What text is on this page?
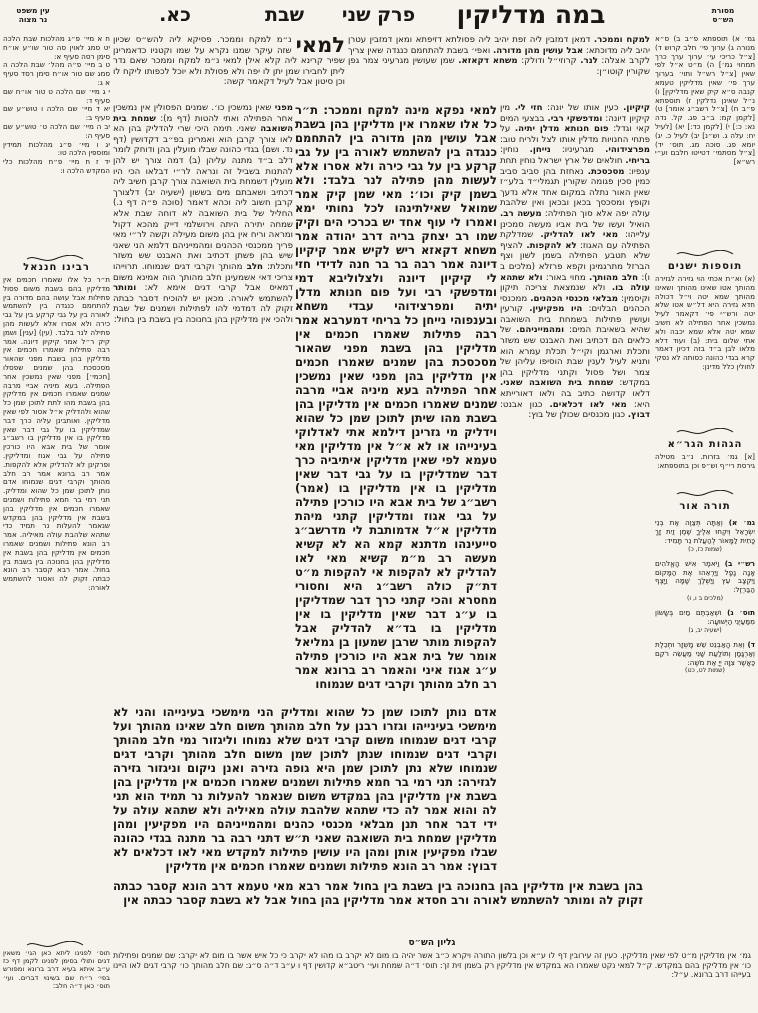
מסורת
הש״ס
במה מדליקין
פרק שני
שבת
כא.
עין משפט
נר מצוה
למקח וממכר. דמאן דמזבין ליה זפת יהיב ליה פסולתא דזיפתא ומאן דמזבין עטרן יהיב ליה מדוכתא: אבל עושין מהן מדורה. ואפי׳ בשבת להתחמם כנגדה שאין צריך לקרב אצלה: לנר. קרוזי״ל ודולק: משחא דקאזא. שמן שעושין מגרעיני צמר גפן שקורין קוטו״ן:
למאי
נ״מ למקח וממכר. פסיקא ליה להש״ס שכיון שזה עיקר שמנו נקרא על שמו וקטניו כדאמרינן שפיר קרינא ליה קלא אילן למאי נ״מ למקח וממכר שאם נדר ליתן לחבירו שמן יתן לו יפה ולא פסולת ולא יוכל לכפותו ליקח לו וכן סיטון אבל לעיל דקאמר קשה:
ח א מיי׳ פ״ג מהלכות שבת הלכה יט סמג לאוין סה טור שו״ע או״ח סימן רסה סעיף א:
ט ב מיי׳ פ״ה מהל׳ שבת הלכה ה סמג שם טור או״ח סימן רסד סעיף א ג:
י ג מיי׳ שם הלכה ט טור או״ח שם סעיף ד:
יא ד מיי׳ שם הלכה ו טוש״ע שם סעיף ב:
יב ה מיי׳ שם הלכה ט׳ טוש״ע שם סעיף ה:
יג ו מיי׳ פ״ג מהלכות תמידין ומוספין הלכה טו:
יד ז ח מיי׳ פ״ח מהלכות כלי המקדש הלכה ו:
רבינו חננאל
ת״ר כל אלו שאמרו חכמים אין מדליקין בהם בשבת משום פסול פתילות אבל עושה בהם מדורה בין להתחמם כנגדה בין להשתמש לאורה בין על גבי קרקע בין על גבי כירה ולא אסרו אלא לעשות מהן פתילה לנר בלבד. (עין) [ענין] ושמן קיק ר״ל אמר קיקיון דיונה. אמר רבה פתילות שאמרו חכמים אין מדליקין בהן בשבת מפני שהאור מסכסכת בהן שמנים שפסלו [חכמי׳] מפני שאין נמשכין אחר הפתילה. בעא מיניה אביי מרבה שמנים שאמרו חכמים אין מדליקין בהן בשבת מהו לתת לתוכן שמן כל שהוא ולהדליק א״ל אסור לפי שאין מדליקין. ואותבינן עליה כרך דבר שמדליקין בו על גבי דבר שאין מדליקין בו אין מדליקין בו רשב״ג אומר של בית אבא היו כורכין פתילה על גבי אגוז ומדליקין. ופרקינן לא להדליק אלא להקפות. אמר רב ברונא אמר רב חלב מהותך וקרבי דגים שנמוחו אדם נותן לתוכן שמן כל שהוא ומדליק. תני רמי בר חמא פתילות ושמנים שאמרו חכמים אין מדליקין בהן בשבת אין מדליקין בהן במקדש שנאמר להעלות נר תמיד כדי שתהא שלהבת עולה מאיליה. אמר רב הונא פתילות ושמנים שאמרו חכמים אין מדליקין בהן בשבת אין מדליקין בהן בחנוכה בין בשבת בין בחול. אמר רבא קסבר רב הונא כבתה זקוק לה ואסור להשתמש לאורה:
מפני שאין נמשכין כו׳. שמנים הפסולין אין נמשכין אחר הפתילה ואתי להטות (דף מ): שמחת בית השואבה שאני. תימה היכי שרי להדליק בהן הא לאו צורך קרבן הוא ואמרינן בפ״ב דקדושין (דף נד. ושם) בגדי כהונה שבלו מועלין בהן ודוחק לומר דלב ב״ד מתנה עליהן (ב) דמה צורך יש להן להתנות בשביל זה ונראה לר״י דבלאו הכי היו מועלין דשמחת בית השואבה צורך קרבן חשיב ליה דכתיב ושאבתם מים בששון (ישעיה יב) דלצורך קרבן חשוב ליה וכהא דאמר (סוכה פ״ה דף נ.) החליל של בית השואבה לא דוחה שבת אלא שמחה יתירה היתה וירושלמי דייק מהכא דקול ומראה וריח אין בהן משום מעילה וקשה לר״י מאי פריך ממכנסי הכהנים ומהמייניהם דלמא הני שאני שיש בהן פשתן דכתיב ואת האבנט שש משזר ותכלת: חלב מהותך וקרבי דגים שנמוחו. תרוייהו צריכי דאי אשמעינן חלב מהותך הוה אמינא משום דמאיס אבל קרבי דגים אימא לא: ומותר להשתמש לאורה. מכאן יש להוכיח דסבר כבתה זקוק לה דמדמי להו לפתילות ושמנים של שבת ולהכי אין מדליקין בהן בחנוכה בין בשבת בין בחול:
למאי נפקא מינה למקח וממכר: ת״ר כל אלו שאמרו אין מדליקין בהן בשבת אבל עושין מהן מדורה בין להתחמם כנגדה בין להשתמש לאורה בין על גבי קרקע בין על גבי כירה ולא אסרו אלא לעשות מהן פתילה לנר בלבד: ולא בשמן קיק וכו׳: מאי שמן קיק אמר שמואל שאילתינהו לכל נחותי ימא ואמרו לי עוף אחד יש בכרכי הים וקיק שמו רב יצחק בריה דרב יהודה אמר משחא דקאזא ריש לקיש אמר קיקיון דיונה אמר רבה בר בר חנה לדידי חזי לי קיקיון דיונה ולצלוליבא דמי ומדפשקי רבי ועל פום חנותא מדלן יתיה ומפרצידוהי עבדי משחא ובענפוהי נייחן כל בריחי דמערבא אמר רבה פתילות שאמרו חכמים אין מדליקין בהן בשבת מפני שהאור מסכסכת בהן שמנים שאמרו חכמים אין מדליקין בהן מפני שאין נמשכין אחר הפתילה בעא מיניה אביי מרבה שמנים שאמרו חכמים אין מדליקין בהן בשבת מהו שיתן לתוכן שמן כל שהוא וידליק מי גזרינן דילמא אתי לאדלוקי בעינייהו או לא א״ל אין מדליקין מאי טעמא לפי שאין מדליקין איתיביה כרך דבר שמדליקין בו על גבי דבר שאין מדליקין בו אין מדליקין בו (אמר) רשב״ג של בית אבא היו כורכין פתילה על גבי אגוז ומדליקין קתני מיהת מדליקין א״ל אדמותבת לי מדרשב״ג סייעינהו מדתנא קמא הא לא קשיא מעשה רב מ״מ קשיא מאי לאו להדליק לא להקפות אי להקפות מ״ט דת״ק כולה רשב״ג היא וחסורי מחסרא והכי קתני כרך דבר שמדליקין בו ע״ג דבר שאין מדליקין בו אין מדליקין בו בד״א להדליק אבל להקפות מותר שרבן שמעון בן גמליאל אומר של בית אבא היו כורכין פתילה ע״ג אגוז איני והאמר רב ברונא אמר רב חלב מהותך וקרבי דגים שנמוחו
אדם נותן לתוכו שמן כל שהוא ומדליק הני מימשכי בעינייהו והני לא מימשכי בעינייהו וגזרו רבנן על חלב מהותך משום חלב שאינו מהותך ועל קרבי דגים שנמוחו משום קרבי דגים שלא נמוחו וליגזור נמי חלב מהותך וקרבי דגים שנמוחו שנתן לתוכן שמן משום חלב מהותך וקרבי דגים שנמוחו שלא נתן לתוכן שמן היא גופה גזירה ואנן ניקום וניגזור גזירה לגזירה: תני רמי בר חמא פתילות ושמנים שאמרו חכמים אין מדליקין בהן בשבת אין מדליקין בהן במקדש משום שנאמר להעלות נר תמיד הוא תני לה והוא אמר לה כדי שתהא שלהבת עולה מאיליה ולא שתהא עולה על ידי דבר אחר תנן מבלאי מכנסי כהנים ומהמייניהם היו מפקיעין ומהן מדליקין שמחת בית השואבה שאני ת״ש דתני רבה בר מתנה בגדי כהונה שבלו מפקיעין אותן ומהן היו עושין פתילות למקדש מאי לאו דכלאים לא דבוץ: אמר רב הונא פתילות ושמנים שאמרו חכמים אין מדליקין
בהן בשבת אין מדליקין בהן בחנוכה בין בשבת בין בחול אמר רבא מאי טעמא דרב הונא קסבר כבתה זקוק לה ומותר להשתמש לאורה ורב חסדא אמר מדליקין בהן בחול אבל לא בשבת קסבר כבתה אין
קיקיון. כעין אותו של יונה: חזי לי. מין קיקיון דיונה: ומדפשקי רבי. בבצעי המים קאי וגדל: פום חנותא מדלן יתיה. על פתחי החנויות מדלין אותו לצל ולריח טוב: מפרצידוהי. מגרעיניו: נייחן. נוחין: בריחי. חולאים של ארץ ישראל נוחין תחת ענפיו: מסכסכת. נאחזת בהן סביב סביב כמין סכין פגומה שקורין תגמלי״ד בלע״ז שאין האור נתלה במקום אחד אלא נדעך וקופץ ומסכסך בכאן ובכאן ואין שלהבת עולה יפה אלא סוך הפתילה: מעשה רב. הואיל ועשו של בית אביו מעשה סמכינן עלייהו: מאי לאו להדליק. שמדלקת הפתילה עם האגוז: לא להקפות. להציף שלא תטבע הפתילה בשמן לשון וצף הברזל מתרגמינן וקפא פרזלא (מלכים ב ו): חלב מהותך. מחוי באור: ולא שתהא עולה בו. ולא שנמצאת צריכה תיקון וקיסמין: מבלאי מכנסי הכהנים. ממכנסי הכהנים הבלוים: היו מפקיעין. קורעין ועושין פתילות בשמחת בית השואבה שהיא בשאיבת המים: ומהמייניהם. של כלאים הם דכתיב ואת האבנט שש משזר ותכלת וארגמן וקי״ל תכלת עמרא הוא ותניא לעיל לענין שבת הוסיפו עליהן של צמר ושל פסול וקתני מדליקין בהן במקדש: שמחת בית השואבה שאני. דלאו קדושה כתיב בה ולאו דאורייתא היא: מאי לאו דכלאים. כגון אבנט: דבוץ. כגון מכנסים שכולן של בוץ:
גמ׳ א) תוספתא פ״ב ב) ס״א מנורה ג) ערוך פי׳ חלב קרוש ד) [צ״ל כריכי עי׳ ערוך ערך כרך תמחוי גמ׳] ה) מ״ט א״ל לפי שאין [צ״ל רש״ל ותוי׳ בערוך ערך פי׳ שאין מדליקין טעמא קנבה ס״א קיק שאין מדליקין] ו) נ״ל שאינן נדלקין ז) תוספתא פ״ב ח) [צ״ל רשב״ג אומר] ט) [לקמן קמ: ב״ב פג. קל. נדה נא: כ:] י) [לקמן כד:] יא) [לעיל יח: עלה ג. וש״נ] יב) לעיל כ. יג) יומא פג. סוכה מג. תוס׳ יד) [צ״ל מסתמי׳ דטייטו חלבם וע״י רש״א]
תוספות ישנים
(א) וא״ת אכתי הוי גזירה לגזירה מהותך אטו שאינו מהותך ושאינו מהותך שמא יטה וי״ל דכולה חדא גזירה היא דל״ש אטו שלא יטה ורש״י פי׳ דקאמר לעיל נמשכין אחר הפתילה לא חשיב שמא יטה אלא שמא יכבה ולא אתי שלום בית: (ב) ועוד דלא מלאו לבן ב״ד בזה דכיון דאמר קרא בגדי כהונה כסותה לא נפקי לחולין כלל מדינן:
הגהות הגר״א
[א] גמ׳ בזרות. נ״ב מטילה גירסת רי״ף וש״פ וכן בתוספתא:
תורה אור

גמ׳ א) וְאַתָּה תְּצַוֶּה אֶת בְּנֵי יִשְׂרָאֵל וְיִקְחוּ אֵלֶיךָ שֶׁמֶן זַיִת זָךְ כָּתִית לַמָּאוֹר לְהַעֲלֹת נֵר תָּמִיד:
(שמות כז, כ)

רש״י ב) וַיֹּאמֶר אִישׁ הָאֱלֹהִים אָנָה נָפָל וַיַּרְאֵהוּ אֶת הַמָּקוֹם וַיִּקְצָב עֵץ וַיַּשְׁלֶךְ שָׁמָּה וַיָּצֶף הַבַּרְזֶל:
(מלכים ב ו, ו)

תוס׳ ג) וּשְׁאַבְתֶּם מַיִם בְּשָׂשׂוֹן מִמַּעַיְנֵי הַיְשׁוּעָה:
(ישעיה יב, ג)

ד) וְאֵת הָאַבְנֵט שֵׁשׁ מָשְׁזָר וּתְכֵלֶת וְאַרְגָּמָן וְתוֹלַעַת שָׁנִי מַעֲשֵׂה רֹקֵם כַּאֲשֶׁר צִוָּה יְיָ אֶת מֹשֶׁה:
(שמות לט, כט)

גליון הש״ס
גמ׳ אין מדליקין מ״ט לפי שאין מדליקין. כעין זה עירובין דף לו ע״א וכן בלשון התורה ויקרא כ״ב אשר יהיה בו מום לא יקרב בו מהו לא יקרב כי כל איש אשר בו מום לא יקרב: שם שמנים ופתילות כו׳ אין מדליקין בהם במקדש. ק״ל למאי נקט שאמרו הא במקדש אין מדליקין רק בשמן זית זך: תוס׳ ד״ה שמחת ועי׳ ריטב״א קדושין דף ו ע״ב ד״ה ס״ג: שם חלב מהותך כו׳ קרבי דגים לאו היינו בעייהו דרב ברונא. ע״ל:
תוס׳ לפנינו ליתא כאן הגי׳ משאין דגים ותולי בסימן לפנינו לקמן דף כז ע״ב איתא בעיא דרב ברונא ומפורש בפי׳ ר״ח שם בשינוי דברים. ועי׳ תוס׳ כאן ד״ה חלב:
